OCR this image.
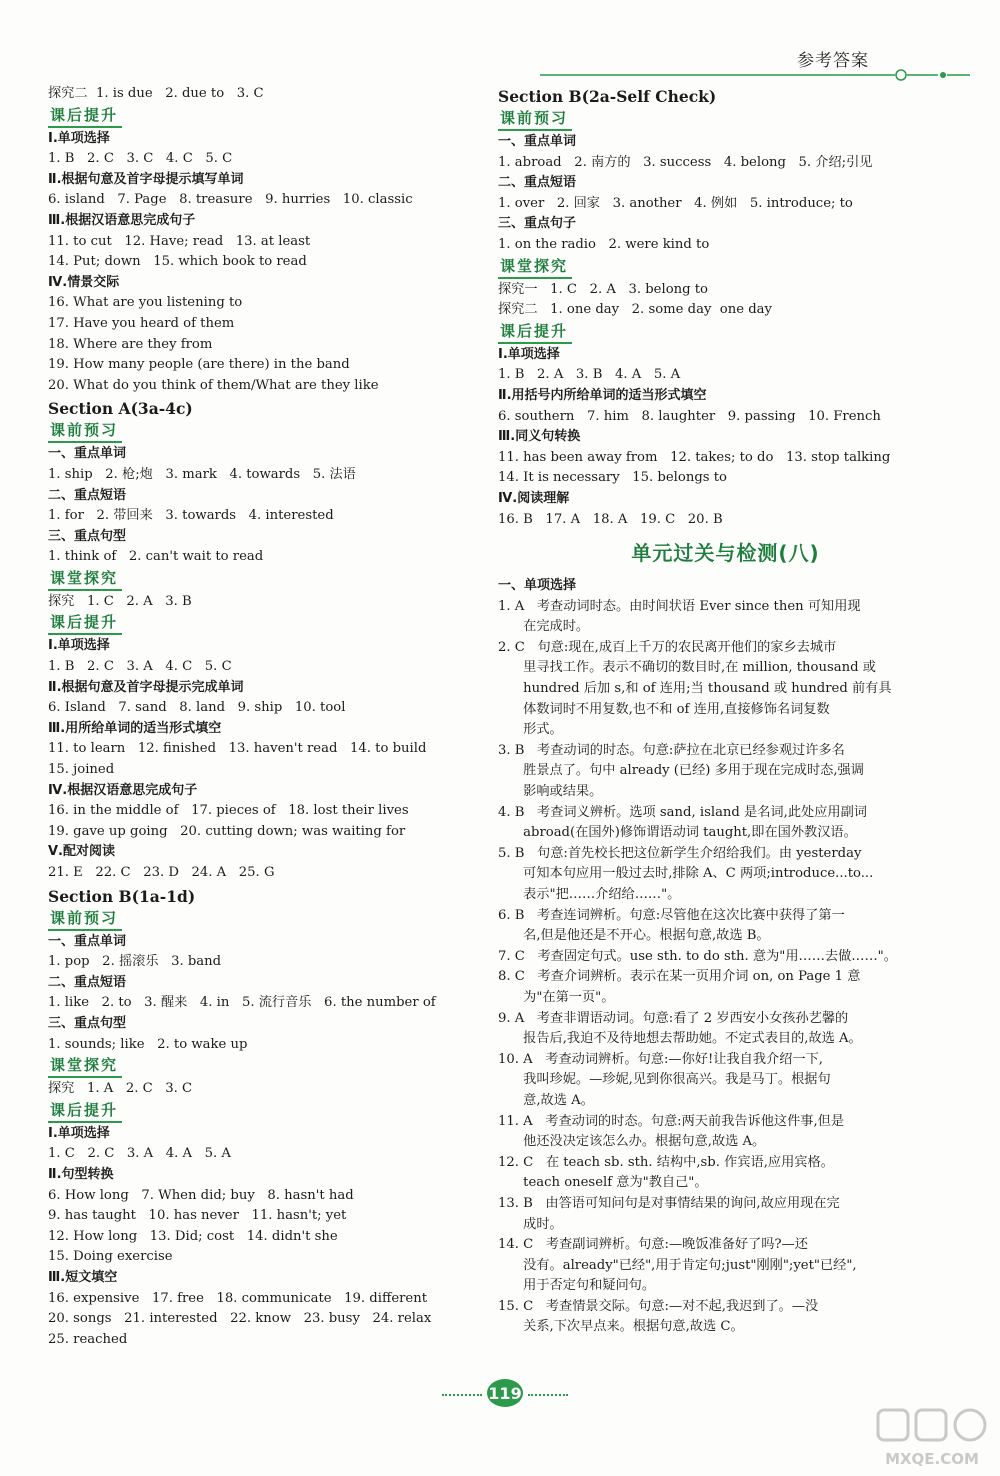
参考答案
探究二  1. is due   2. due to   3. C
课后提升
Ⅰ.单项选择
1. B   2. C   3. C   4. C   5. C
Ⅱ.根据句意及首字母提示填写单词
6. island   7. Page   8. treasure   9. hurries   10. classic
Ⅲ.根据汉语意思完成句子
11. to cut   12. Have; read   13. at least
14. Put; down   15. which book to read
Ⅳ.情景交际
16. What are you listening to
17. Have you heard of them
18. Where are they from
19. How many people (are there) in the band
20. What do you think of them/What are they like
Section A(3a-4c)
课前预习
一、重点单词
1. ship   2. 枪;炮   3. mark   4. towards   5. 法语
二、重点短语
1. for   2. 带回来   3. towards   4. interested
三、重点句型
1. think of   2. can't wait to read
课堂探究
探究   1. C   2. A   3. B
课后提升
Ⅰ.单项选择
1. B   2. C   3. A   4. C   5. C
Ⅱ.根据句意及首字母提示完成单词
6. Island   7. sand   8. land   9. ship   10. tool
Ⅲ.用所给单词的适当形式填空
11. to learn   12. finished   13. haven't read   14. to build
15. joined
Ⅳ.根据汉语意思完成句子
16. in the middle of   17. pieces of   18. lost their lives
19. gave up going   20. cutting down; was waiting for
Ⅴ.配对阅读
21. E   22. C   23. D   24. A   25. G
Section B(1a-1d)
课前预习
一、重点单词
1. pop   2. 摇滚乐   3. band
二、重点短语
1. like   2. to   3. 醒来   4. in   5. 流行音乐   6. the number of
三、重点句型
1. sounds; like   2. to wake up
课堂探究
探究   1. A   2. C   3. C
课后提升
Ⅰ.单项选择
1. C   2. C   3. A   4. A   5. A
Ⅱ.句型转换
6. How long   7. When did; buy   8. hasn't had
9. has taught   10. has never   11. hasn't; yet
12. How long   13. Did; cost   14. didn't she
15. Doing exercise
Ⅲ.短文填空
16. expensive   17. free   18. communicate   19. different
20. songs   21. interested   22. know   23. busy   24. relax
25. reached
Section B(2a-Self Check)
课前预习
一、重点单词
1. abroad   2. 南方的   3. success   4. belong   5. 介绍;引见
二、重点短语
1. over   2. 回家   3. another   4. 例如   5. introduce; to
三、重点句子
1. on the radio   2. were kind to
课堂探究
探究一   1. C   2. A   3. belong to
探究二   1. one day   2. some day  one day
课后提升
Ⅰ.单项选择
1. B   2. A   3. B   4. A   5. A
Ⅱ.用括号内所给单词的适当形式填空
6. southern   7. him   8. laughter   9. passing   10. French
Ⅲ.同义句转换
11. has been away from   12. takes; to do   13. stop talking
14. It is necessary   15. belongs to
Ⅳ.阅读理解
16. B   17. A   18. A   19. C   20. B
单元过关与检测(八)
一、单项选择
1. A   考查动词时态。由时间状语 Ever since then 可知用现
在完成时。
2. C   句意:现在,成百上千万的农民离开他们的家乡去城市
里寻找工作。表示不确切的数目时,在 million, thousand 或
hundred 后加 s,和 of 连用;当 thousand 或 hundred 前有具
体数词时不用复数,也不和 of 连用,直接修饰名词复数
形式。
3. B   考查动词的时态。句意:萨拉在北京已经参观过许多名
胜景点了。句中 already (已经) 多用于现在完成时态,强调
影响或结果。
4. B   考查词义辨析。选项 sand, island 是名词,此处应用副词
abroad(在国外)修饰谓语动词 taught,即在国外教汉语。
5. B   句意:首先校长把这位新学生介绍给我们。由 yesterday
可知本句应用一般过去时,排除 A、C 两项;introduce...to...
表示"把……介绍给……"。
6. B   考查连词辨析。句意:尽管他在这次比赛中获得了第一
名,但是他还是不开心。根据句意,故选 B。
7. C   考查固定句式。use sth. to do sth. 意为"用……去做……"。
8. C   考查介词辨析。表示在某一页用介词 on, on Page 1 意
为"在第一页"。
9. A   考查非谓语动词。句意:看了 2 岁西安小女孩孙艺馨的
报告后,我迫不及待地想去帮助她。不定式表目的,故选 A。
10. A   考查动词辨析。句意:—你好!让我自我介绍一下,
我叫珍妮。—珍妮,见到你很高兴。我是马丁。根据句
意,故选 A。
11. A   考查动词的时态。句意:两天前我告诉他这件事,但是
他还没决定该怎么办。根据句意,故选 A。
12. C   在 teach sb. sth. 结构中,sb. 作宾语,应用宾格。
teach oneself 意为"教自己"。
13. B   由答语可知问句是对事情结果的询问,故应用现在完
成时。
14. C   考查副词辨析。句意:—晚饭准备好了吗?—还
没有。already"已经",用于肯定句;just"刚刚";yet"已经",
用于否定句和疑问句。
15. C   考查情景交际。句意:—对不起,我迟到了。—没
关系,下次早点来。根据句意,故选 C。
119
MXQE.COM
